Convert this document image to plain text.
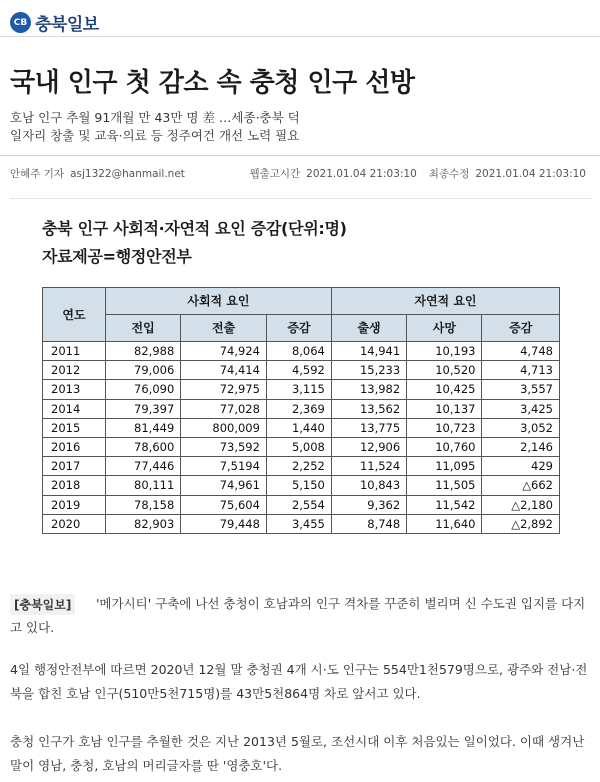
CB 충북일보
국내 인구 첫 감소 속 충청 인구 선방
호남 인구 추월 91개월 만 43만 명 差 …세종·충북 덕
일자리 창출 및 교육·의료 등 정주여건 개선 노력 필요
안혜주 기자 asj1322@hanmail.net	웹출고시간 2021.01.04 21:03:10 최종수정 2021.01.04 21:03:10
충북 인구 사회적·자연적 요인 증감(단위:명)
자료제공=행정안전부
연도	사회적 요인			자연적 요인		
	전입	전출	증감	출생	사망	증감
2011	82,988	74,924	8,064	14,941	10,193	4,748
2012	79,006	74,414	4,592	15,233	10,520	4,713
2013	76,090	72,975	3,115	13,982	10,425	3,557
2014	79,397	77,028	2,369	13,562	10,137	3,425
2015	81,449	800,009	1,440	13,775	10,723	3,052
2016	78,600	73,592	5,008	12,906	10,760	2,146
2017	77,446	7,5194	2,252	11,524	11,095	429
2018	80,111	74,961	5,150	10,843	11,505	△662
2019	78,158	75,604	2,554	9,362	11,542	△2,180
2020	82,903	79,448	3,455	8,748	11,640	△2,892
[충북일보]	'메가시티' 구축에 나선 충청이 호남과의 인구 격차를 꾸준히 벌리며 신 수도권 입지를 다지고 있다.
4일 행정안전부에 따르면 2020년 12월 말 충청권 4개 시·도 인구는 554만1천579명으로, 광주와 전남·전북을 합친 호남 인구(510만5천715명)를 43만5천864명 차로 앞서고 있다.
충청 인구가 호남 인구를 추월한 것은 지난 2013년 5월로, 조선시대 이후 처음있는 일이었다. 이때 생겨난 말이 영남, 충청, 호남의 머리글자를 딴 '영충호'다.
